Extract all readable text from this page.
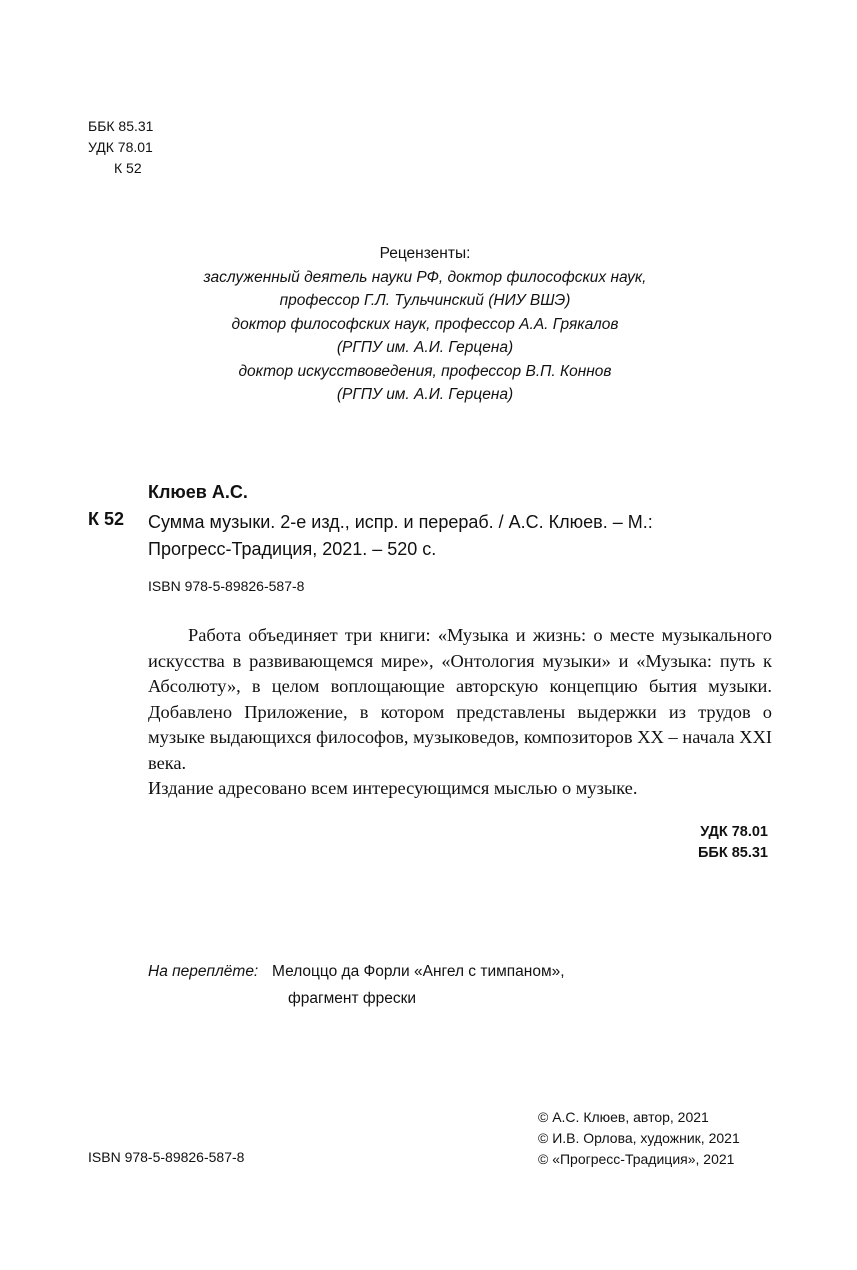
ББК 85.31
УДК 78.01
К 52
Рецензенты:
заслуженный деятель науки РФ, доктор философских наук,
профессор Г.Л. Тульчинский (НИУ ВШЭ)
доктор философских наук, профессор А.А. Грякалов
(РГПУ им. А.И. Герцена)
доктор искусствоведения, профессор В.П. Коннов
(РГПУ им. А.И. Герцена)
Клюев А.С.
К 52 Сумма музыки. 2-е изд., испр. и перераб. / А.С. Клюев. – М.:
Прогресс-Традиция, 2021. – 520 с.
ISBN 978-5-89826-587-8

Работа объединяет три книги: «Музыка и жизнь: о месте музыкального искусства в развивающемся мире», «Онтология музыки» и «Музыка: путь к Абсолюту», в целом воплощающие авторскую концепцию бытия музыки. Добавлено Приложение, в котором представлены выдержки из трудов о музыке выдающихся философов, музыковедов, композиторов XX – начала XXI века.

Издание адресовано всем интересующимся мыслью о музыке.

УДК 78.01
ББК 85.31
На переплёте: Мелоццо да Форли «Ангел с тимпаном»,
фрагмент фрески
ISBN 978-5-89826-587-8
© А.С. Клюев, автор, 2021
© И.В. Орлова, художник, 2021
© «Прогресс-Традиция», 2021
